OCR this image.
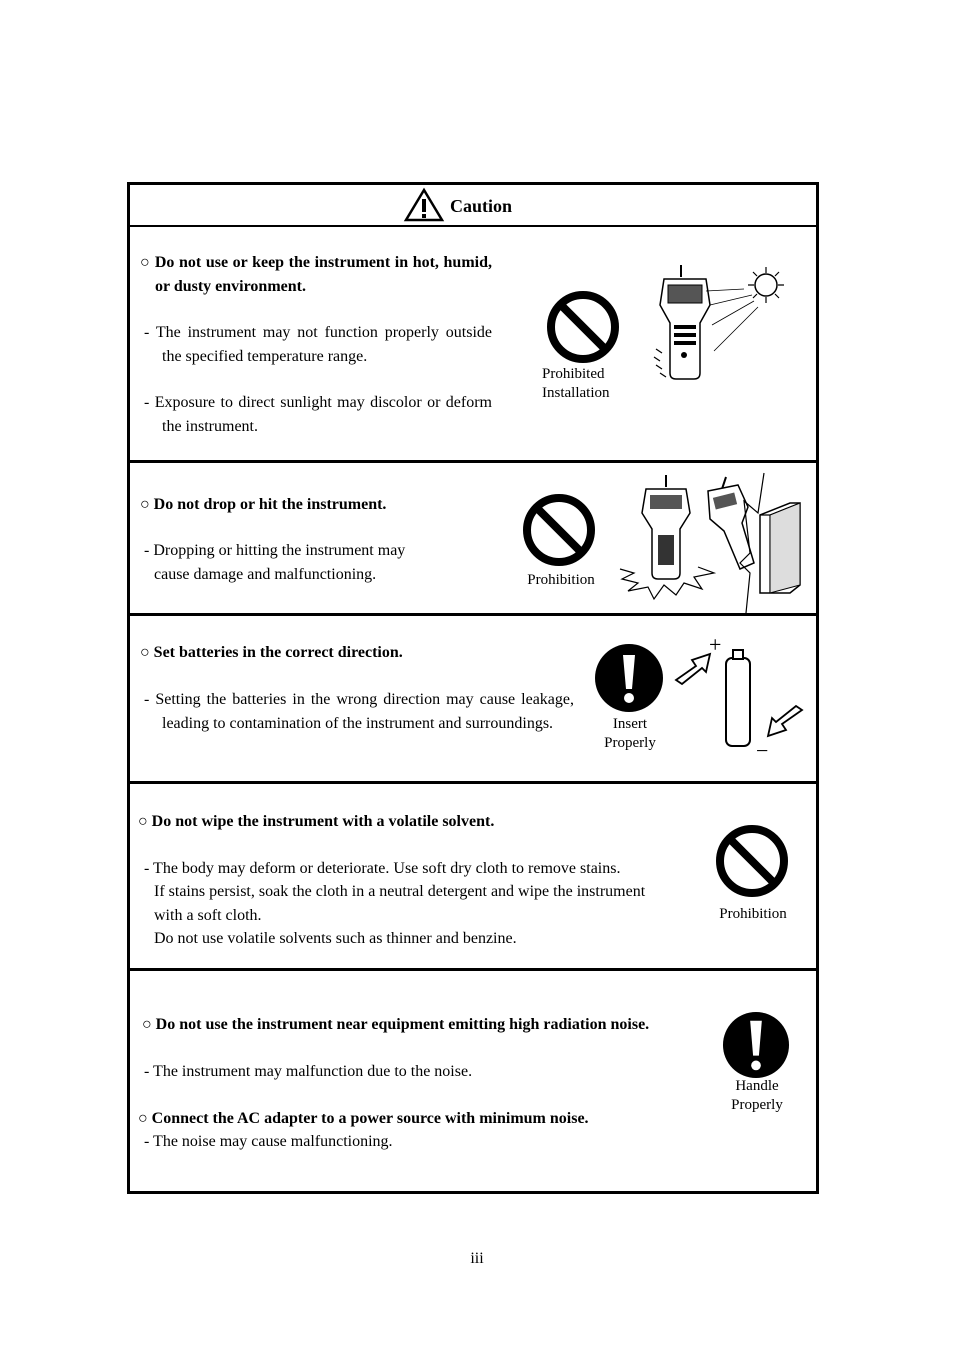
Caution
○ Do not use or keep the instrument in hot, humid, or dusty environment.
- The instrument may not function properly outside the specified temperature range.
- Exposure to direct sunlight may discolor or deform the instrument.
Prohibited
Installation
○ Do not drop or hit the instrument.
- Dropping or hitting the instrument may
cause damage and malfunctioning.	Prohibition
○ Set batteries in the correct direction.
- Setting the batteries in the wrong direction may cause leakage, leading to contamination of the instrument and surroundings.	Insert
Properly
+
−
○ Do not wipe the instrument with a volatile solvent.
- The body may deform or deteriorate. Use soft dry cloth to remove stains.
If stains persist, soak the cloth in a neutral detergent and wipe the instrument
with a soft cloth.
Do not use volatile solvents such as thinner and benzine.
Prohibition
○ Do not use the instrument near equipment emitting high radiation noise.
- The instrument may malfunction due to the noise.
○ Connect the AC adapter to a power source with minimum noise.
- The noise may cause malfunctioning.
Handle
Properly
iii
